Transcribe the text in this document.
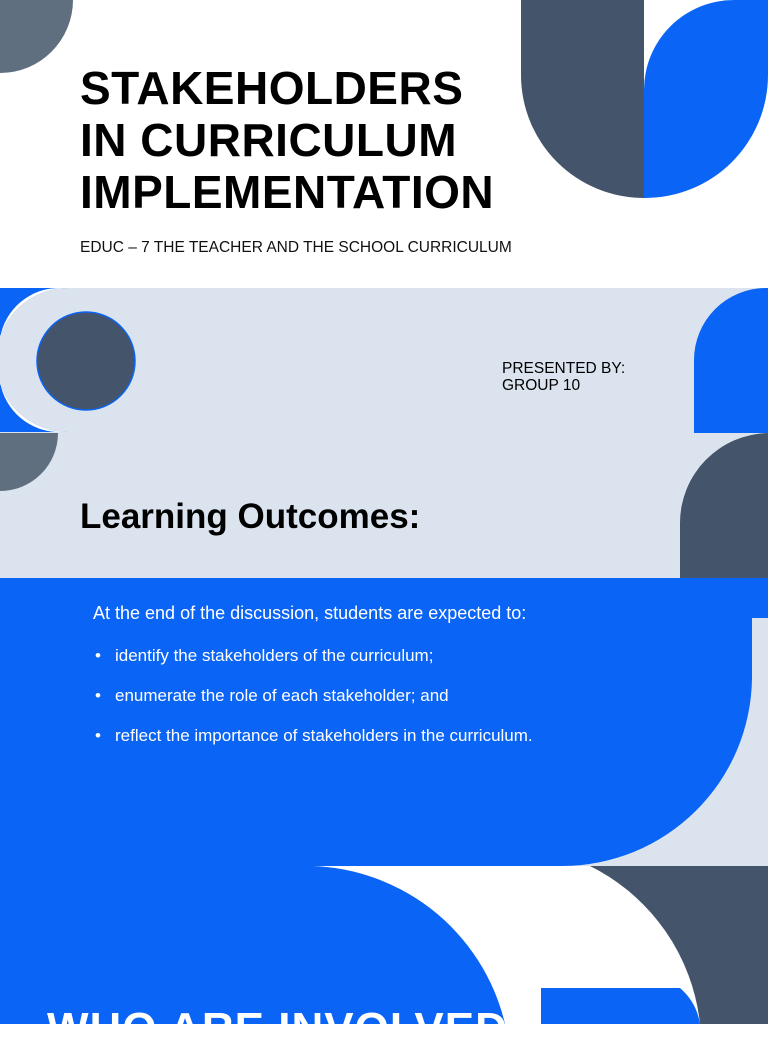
STAKEHOLDERS
IN CURRICULUM
IMPLEMENTATION

EDUC – 7 THE TEACHER AND THE SCHOOL CURRICULUM

PRESENTED BY:
GROUP 10
Learning Outcomes:

At the end of the discussion, students are expected to:

• identify the stakeholders of the curriculum;
• enumerate the role of each stakeholder; and
• reflect the importance of stakeholders in the curriculum.
WHO ARE INVOLVED
